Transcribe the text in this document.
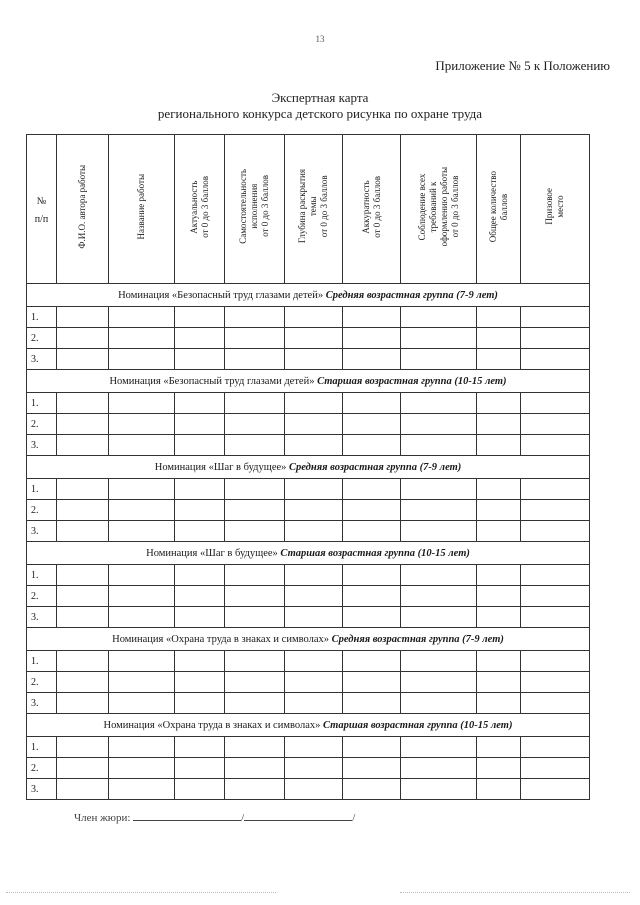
13
Приложение № 5 к Положению
Экспертная карта
регионального конкурса детского рисунка по охране труда
№
п/п	Ф.И.О. автора работы	Название работы	Актуальность
от 0 до 3 баллов	Самостоятельность
исполнения
от 0 до 3 баллов	Глубина раскрытия
темы
от 0 до 3 баллов	Аккуратность
от 0 до 3 баллов	Соблюдение всех
требований к
оформлению работы
от 0 до 3 баллов	Общее количество
баллов	Призовое
место
Номинация «Безопасный труд глазами детей» Средняя возрастная группа (7-9 лет)									
1.									
2.									
3.									
Номинация «Безопасный труд глазами детей» Старшая возрастная группа (10-15 лет)									
1.									
2.									
3.									
Номинация «Шаг в будущее» Средняя возрастная группа (7-9 лет)									
1.									
2.									
3.									
Номинация «Шаг в будущее» Старшая возрастная группа (10-15 лет)									
1.									
2.									
3.									
Номинация «Охрана труда в знаках и символах» Средняя возрастная группа (7-9 лет)									
1.									
2.									
3.									
Номинация «Охрана труда в знаках и символах» Старшая возрастная группа (10-15 лет)									
1.									
2.									
3.									
Член жюри:	/	/
